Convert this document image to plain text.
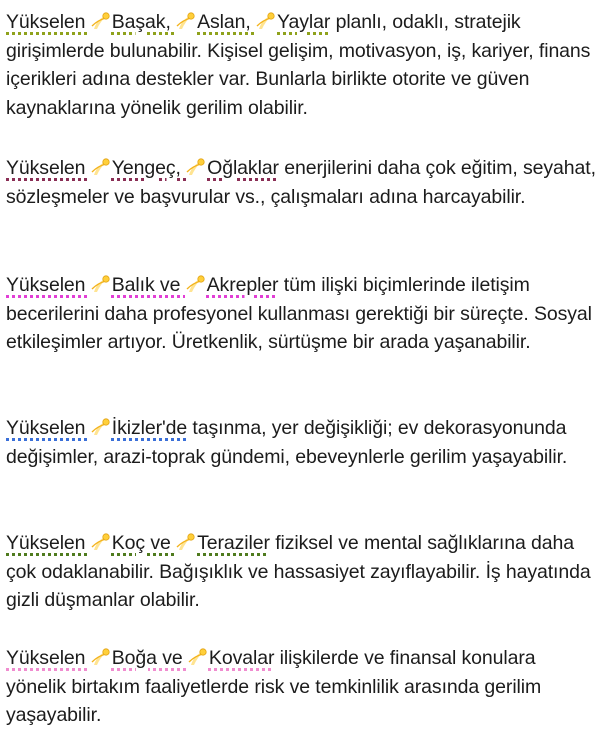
Yükselen Başak, Aslan, Yaylar planlı, odaklı, stratejik girişimlerde bulunabilir. Kişisel gelişim, motivasyon, iş, kariyer, finans içerikleri adına destekler var. Bunlarla birlikte otorite ve güven kaynaklarına yönelik gerilim olabilir.

Yükselen Yengeç, Oğlaklar enerjilerini daha çok eğitim, seyahat, sözleşmeler ve başvurular vs., çalışmaları adına harcayabilir.

Yükselen Balık ve Akrepler tüm ilişki biçimlerinde iletişim becerilerini daha profesyonel kullanması gerektiği bir süreçte. Sosyal etkileşimler artıyor. Üretkenlik, sürtüşme bir arada yaşanabilir.

Yükselen İkizler'de taşınma, yer değişikliği; ev dekorasyonunda değişimler, arazi-toprak gündemi, ebeveynlerle gerilim yaşayabilir.

Yükselen Koç ve Teraziler fiziksel ve mental sağlıklarına daha çok odaklanabilir. Bağışıklık ve hassasiyet zayıflayabilir. İş hayatında gizli düşmanlar olabilir.

Yükselen Boğa ve Kovalar ilişkilerde ve finansal konulara yönelik birtakım faaliyetlerde risk ve temkinlilik arasında gerilim yaşayabilir.
